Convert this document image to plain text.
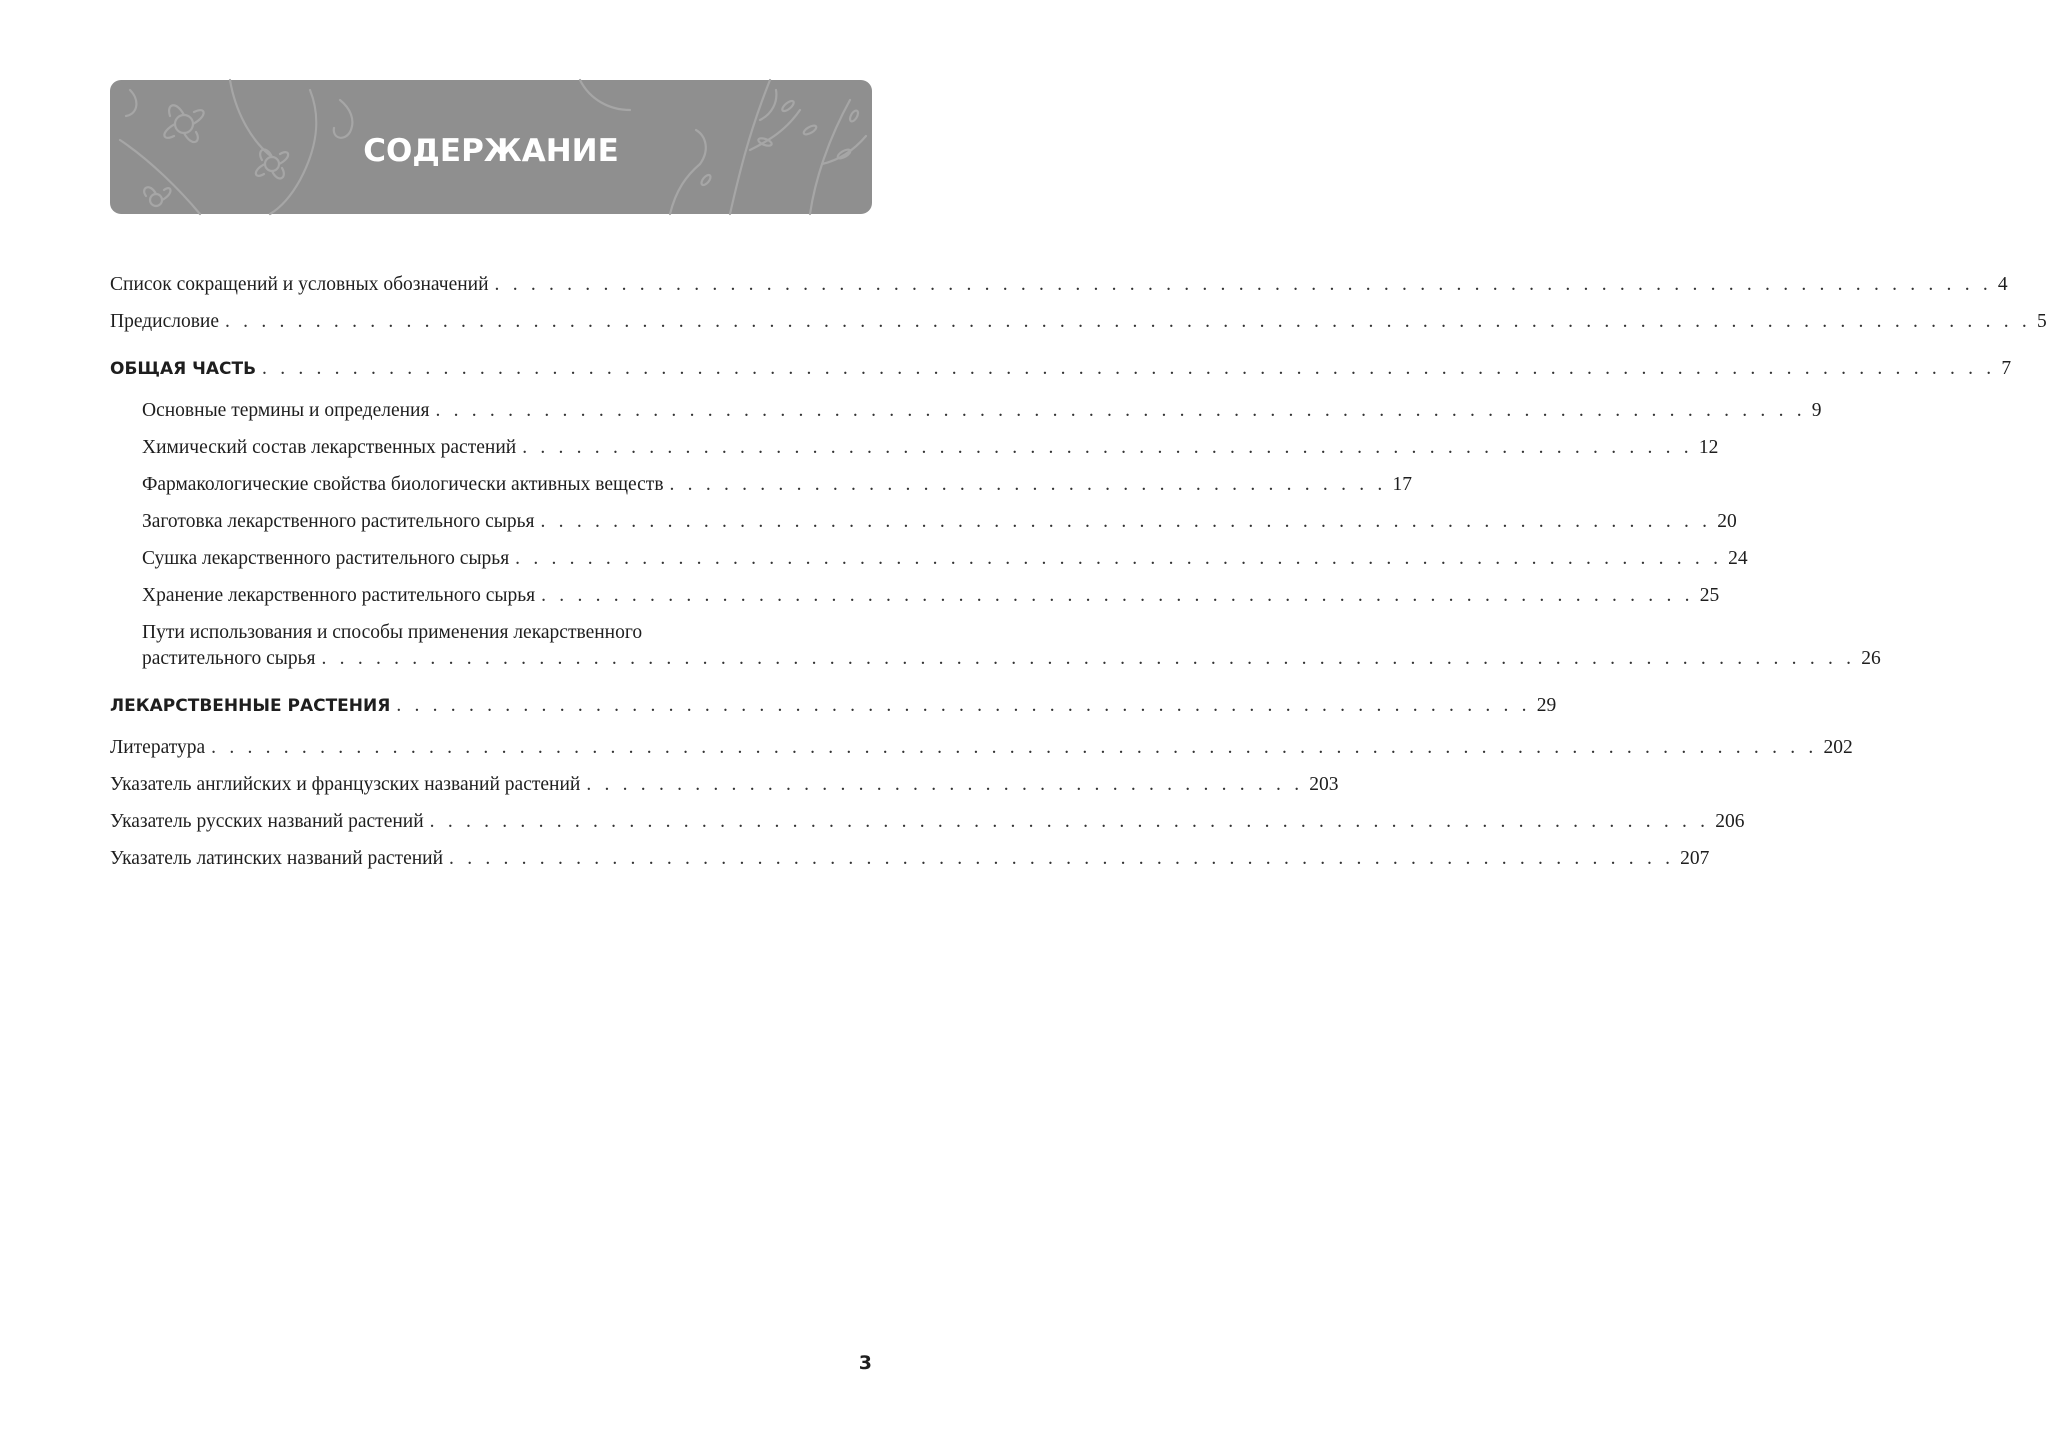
СОДЕРЖАНИЕ
Список сокращений и условных обозначений . . . . . . . . . . . . . . . . . . . . . . . . . . . . . . . . . . . . . . . . . . . . . . . . . . . . . . . . . . . . . . . . . . . . . . . . . . . . . . . . . . . 4
Предисловие . . . . . . . . . . . . . . . . . . . . . . . . . . . . . . . . . . . . . . . . . . . . . . . . . . . . . . . . . . . . . . . . . . . . . . . . . . . . . . . . . . . . . . . . . . . . . . . . . . . . 5
ОБЩАЯ ЧАСТЬ . . . . . . . . . . . . . . . . . . . . . . . . . . . . . . . . . . . . . . . . . . . . . . . . . . . . . . . . . . . . . . . . . . . . . . . . . . . . . . . . . . . . . . . . . . . . . . . . 7
Основные термины и определения . . . . . . . . . . . . . . . . . . . . . . . . . . . . . . . . . . . . . . . . . . . . . . . . . . . . . . . . . . . . . . . . . . . . . . . . . . . . 9
Химический состав лекарственных растений . . . . . . . . . . . . . . . . . . . . . . . . . . . . . . . . . . . . . . . . . . . . . . . . . . . . . . . . . . . . . . . . . 12
Фармакологические свойства биологически активных веществ . . . . . . . . . . . . . . . . . . . . . . . . . . . . . . . . . . . . . . . . 17
Заготовка лекарственного растительного сырья . . . . . . . . . . . . . . . . . . . . . . . . . . . . . . . . . . . . . . . . . . . . . . . . . . . . . . . . . . . . . . . . . 20
Сушка лекарственного растительного сырья . . . . . . . . . . . . . . . . . . . . . . . . . . . . . . . . . . . . . . . . . . . . . . . . . . . . . . . . . . . . . . . . . . . 24
Хранение лекарственного растительного сырья . . . . . . . . . . . . . . . . . . . . . . . . . . . . . . . . . . . . . . . . . . . . . . . . . . . . . . . . . . . . . . . . 25
Пути использования и способы применения лекарственного
растительного сырья . . . . . . . . . . . . . . . . . . . . . . . . . . . . . . . . . . . . . . . . . . . . . . . . . . . . . . . . . . . . . . . . . . . . . . . . . . . . . . . . . . . . . 26
ЛЕКАРСТВЕННЫЕ РАСТЕНИЯ . . . . . . . . . . . . . . . . . . . . . . . . . . . . . . . . . . . . . . . . . . . . . . . . . . . . . . . . . . . . . . . 29
Литература . . . . . . . . . . . . . . . . . . . . . . . . . . . . . . . . . . . . . . . . . . . . . . . . . . . . . . . . . . . . . . . . . . . . . . . . . . . . . . . . . . . . . . . . . 202
Указатель английских и французских названий растений . . . . . . . . . . . . . . . . . . . . . . . . . . . . . . . . . . . . . . . . 203
Указатель русских названий растений . . . . . . . . . . . . . . . . . . . . . . . . . . . . . . . . . . . . . . . . . . . . . . . . . . . . . . . . . . . . . . . . . . . . . . . 206
Указатель латинских названий растений . . . . . . . . . . . . . . . . . . . . . . . . . . . . . . . . . . . . . . . . . . . . . . . . . . . . . . . . . . . . . . . . . . . . 207
3
